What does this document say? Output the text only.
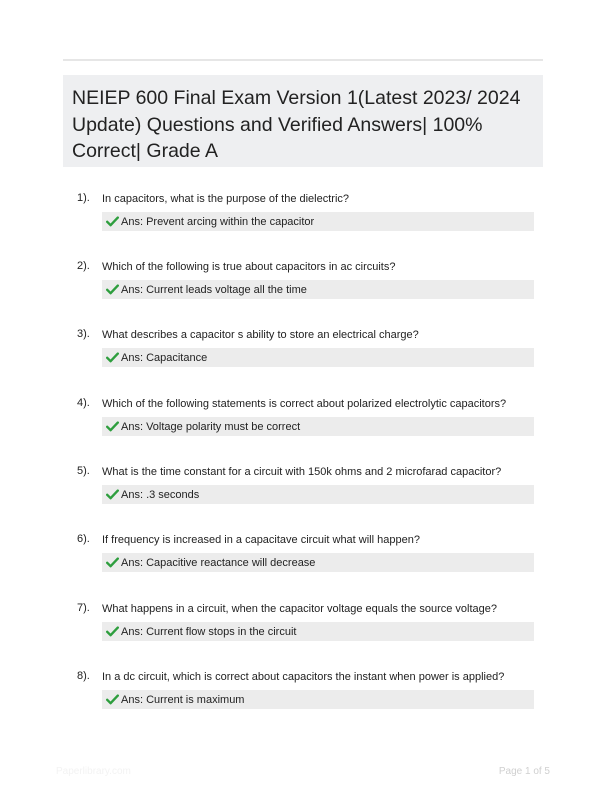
NEIEP 600 Final Exam Version 1(Latest 2023/ 2024 Update) Questions and Verified Answers| 100% Correct| Grade A
1). In capacitors, what is the purpose of the dielectric?
Ans: Prevent arcing within the capacitor
2). Which of the following is true about capacitors in ac circuits?
Ans: Current leads voltage all the time
3). What describes a capacitor s ability to store an electrical charge?
Ans: Capacitance
4). Which of the following statements is correct about polarized electrolytic capacitors?
Ans: Voltage polarity must be correct
5). What is the time constant for a circuit with 150k ohms and 2 microfarad capacitor?
Ans: .3 seconds
6). If frequency is increased in a capacitave circuit what will happen?
Ans: Capacitive reactance will decrease
7). What happens in a circuit, when the capacitor voltage equals the source voltage?
Ans: Current flow stops in the circuit
8). In a dc circuit, which is correct about capacitors the instant when power is applied?
Ans: Current is maximum
Paperlibrary.com	Page 1 of 5
